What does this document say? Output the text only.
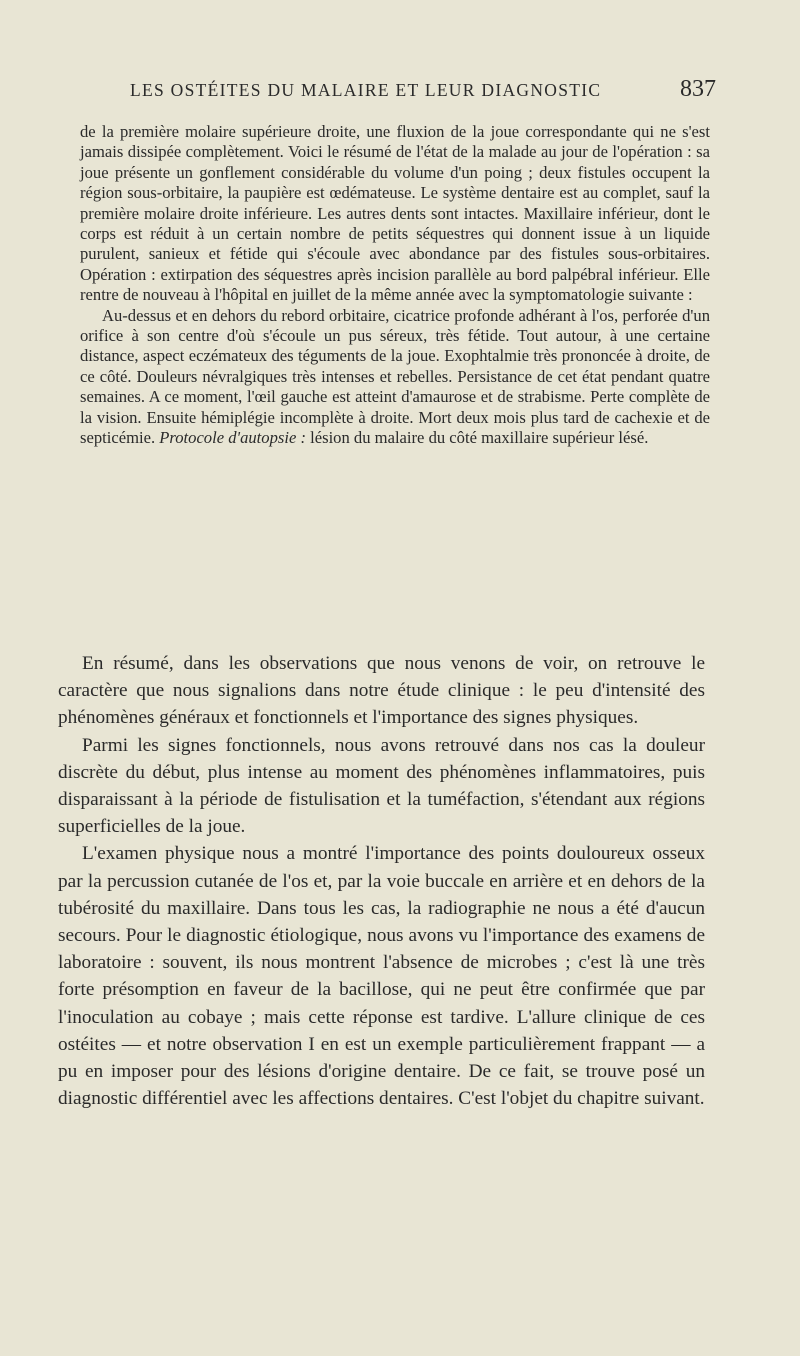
LES OSTÉITES DU MALAIRE ET LEUR DIAGNOSTIC	837

de la première molaire supérieure droite, une fluxion de la joue correspondante qui ne s'est jamais dissipée complètement. Voici le résumé de l'état de la malade au jour de l'opération : sa joue présente un gonflement considérable du volume d'un poing ; deux fistules occupent la région sous-orbitaire, la paupière est œdémateuse. Le système dentaire est au complet, sauf la première molaire droite inférieure. Les autres dents sont intactes. Maxillaire inférieur, dont le corps est réduit à un certain nombre de petits séquestres qui donnent issue à un liquide purulent, sanieux et fétide qui s'écoule avec abondance par des fistules sous-orbitaires. Opération : extirpation des séquestres après incision parallèle au bord palpébral inférieur. Elle rentre de nouveau à l'hôpital en juillet de la même année avec la symptomatologie suivante :

Au-dessus et en dehors du rebord orbitaire, cicatrice profonde adhérant à l'os, perforée d'un orifice à son centre d'où s'écoule un pus séreux, très fétide. Tout autour, à une certaine distance, aspect eczémateux des téguments de la joue. Exophtalmie très prononcée à droite, de ce côté. Douleurs névralgiques très intenses et rebelles. Persistance de cet état pendant quatre semaines. A ce moment, l'œil gauche est atteint d'amaurose et de strabisme. Perte complète de la vision. Ensuite hémiplégie incomplète à droite. Mort deux mois plus tard de cachexie et de septicémie. Protocole d'autopsie : lésion du malaire du côté maxillaire supérieur lésé.

En résumé, dans les observations que nous venons de voir, on retrouve le caractère que nous signalions dans notre étude clinique : le peu d'intensité des phénomènes généraux et fonctionnels et l'importance des signes physiques.

Parmi les signes fonctionnels, nous avons retrouvé dans nos cas la douleur discrète du début, plus intense au moment des phénomènes inflammatoires, puis disparaissant à la période de fistulisation et la tuméfaction, s'étendant aux régions superficielles de la joue.

L'examen physique nous a montré l'importance des points douloureux osseux par la percussion cutanée de l'os et, par la voie buccale en arrière et en dehors de la tubérosité du maxillaire. Dans tous les cas, la radiographie ne nous a été d'aucun secours. Pour le diagnostic étiologique, nous avons vu l'importance des examens de laboratoire : souvent, ils nous montrent l'absence de microbes ; c'est là une très forte présomption en faveur de la bacillose, qui ne peut être confirmée que par l'inoculation au cobaye ; mais cette réponse est tardive. L'allure clinique de ces ostéites — et notre observation I en est un exemple particulièrement frappant — a pu en imposer pour des lésions d'origine dentaire. De ce fait, se trouve posé un diagnostic différentiel avec les affections dentaires. C'est l'objet du chapitre suivant.
